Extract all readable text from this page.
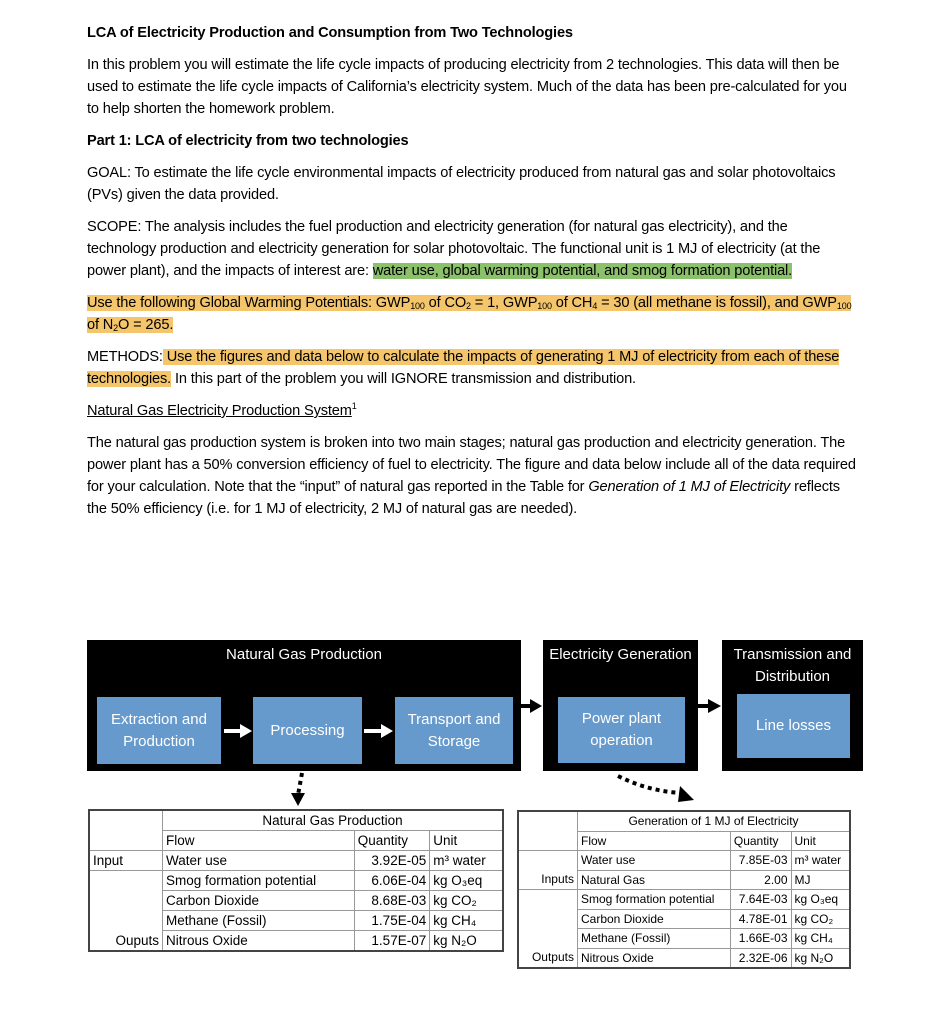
LCA of Electricity Production and Consumption from Two Technologies

In this problem you will estimate the life cycle impacts of producing electricity from 2 technologies. This data will then be used to estimate the life cycle impacts of California’s electricity system. Much of the data has been pre-calculated for you to help shorten the homework problem.

Part 1: LCA of electricity from two technologies

GOAL: To estimate the life cycle environmental impacts of electricity produced from natural gas and solar photovoltaics (PVs) given the data provided.

SCOPE: The analysis includes the fuel production and electricity generation (for natural gas electricity), and the technology production and electricity generation for solar photovoltaic. The functional unit is 1 MJ of electricity (at the power plant), and the impacts of interest are: water use, global warming potential, and smog formation potential.

Use the following Global Warming Potentials: $GWP_{100}$ of $CO_2 = 1$, $GWP_{100}$ of $CH_4 = 30$ (all methane is fossil), and $GWP_{100}$ of $N_2O = 265$.

METHODS: Use the figures and data below to calculate the impacts of generating 1 MJ of electricity from each of these technologies. In this part of the problem you will IGNORE transmission and distribution.

Natural Gas Electricity Production System$^1$

The natural gas production system is broken into two main stages; natural gas production and electricity generation. The power plant has a 50% conversion efficiency of fuel to electricity. The figure and data below include all of the data required for your calculation. Note that the “input” of natural gas reported in the Table for Generation of 1 MJ of Electricity reflects the 50% efficiency (i.e. for 1 MJ of electricity, 2 MJ of natural gas are needed).

Natural Gas Production
Extraction and Production
Processing
Transport and Storage
Electricity Generation
Power plant operation
Transmission and Distribution
Line losses
	Natural Gas Production		
	Flow	Quantity	Unit
Input	Water use	3.92E-05	m³ water
	Smog formation potential	6.06E-04	kg O₃eq
	Carbon Dioxide	8.68E-03	kg CO₂
	Methane (Fossil)	1.75E-04	kg CH₄
Ouputs	Nitrous Oxide	1.57E-07	kg N₂O
	Generation of 1 MJ of Electricity		
	Flow	Quantity	Unit
	Water use	7.85E-03	m³ water
Inputs	Natural Gas	2.00	MJ
	Smog formation potential	7.64E-03	kg O₃eq
	Carbon Dioxide	4.78E-01	kg CO₂
	Methane (Fossil)	1.66E-03	kg CH₄
Outputs	Nitrous Oxide	2.32E-06	kg N₂O
